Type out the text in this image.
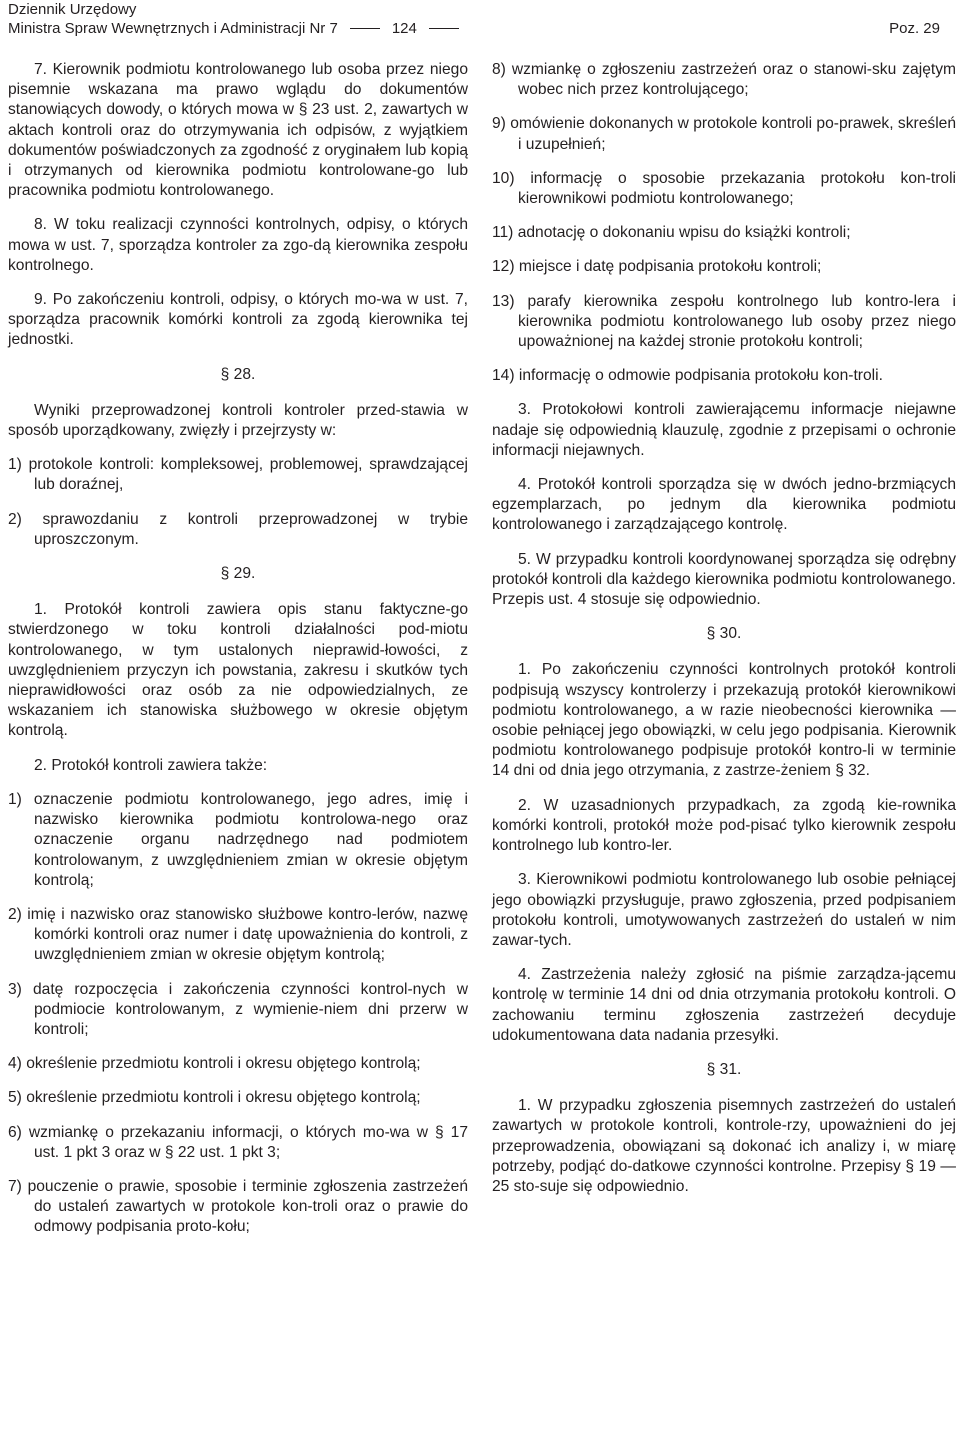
Dziennik Urzędowy
Ministra Spraw Wewnętrznych i Administracji Nr 7	124	Poz. 29

7. Kierownik podmiotu kontrolowanego lub osoba przez niego pisemnie wskazana ma prawo wglądu do dokumentów stanowiących dowody, o których mowa w § 23 ust. 2, zawartych w aktach kontroli oraz do otrzymywania ich odpisów, z wyjątkiem dokumentów poświadczonych za zgodność z oryginałem lub kopią i otrzymanych od kierownika podmiotu kontrolowane-go lub pracownika podmiotu kontrolowanego.

8. W toku realizacji czynności kontrolnych, odpisy, o których mowa w ust. 7, sporządza kontroler za zgo-dą kierownika zespołu kontrolnego.

9. Po zakończeniu kontroli, odpisy, o których mo-wa w ust. 7, sporządza pracownik komórki kontroli za zgodą kierownika tej jednostki.

§ 28.

Wyniki przeprowadzonej kontroli kontroler przed-stawia w sposób uporządkowany, zwięzły i przejrzysty w:

1) protokole kontroli: kompleksowej, problemowej, sprawdzającej lub doraźnej,

2) sprawozdaniu z kontroli przeprowadzonej w trybie uproszczonym.

§ 29.

1. Protokół kontroli zawiera opis stanu faktyczne-go stwierdzonego w toku kontroli działalności pod-miotu kontrolowanego, w tym ustalonych nieprawid-łowości, z uwzględnieniem przyczyn ich powstania, zakresu i skutków tych nieprawidłowości oraz osób za nie odpowiedzialnych, ze wskazaniem ich stanowiska służbowego w okresie objętym kontrolą.

2. Protokół kontroli zawiera także:

1) oznaczenie podmiotu kontrolowanego, jego adres, imię i nazwisko kierownika podmiotu kontrolowa-nego oraz oznaczenie organu nadrzędnego nad podmiotem kontrolowanym, z uwzględnieniem zmian w okresie objętym kontrolą;

2) imię i nazwisko oraz stanowisko służbowe kontro-lerów, nazwę komórki kontroli oraz numer i datę upoważnienia do kontroli, z uwzględnieniem zmian w okresie objętym kontrolą;

3) datę rozpoczęcia i zakończenia czynności kontrol-nych w podmiocie kontrolowanym, z wymienie-niem dni przerw w kontroli;

4) określenie przedmiotu kontroli i okresu objętego kontrolą;

5) określenie przedmiotu kontroli i okresu objętego kontrolą;

6) wzmiankę o przekazaniu informacji, o których mo-wa w § 17 ust. 1 pkt 3 oraz w § 22 ust. 1 pkt 3;

7) pouczenie o prawie, sposobie i terminie zgłoszenia zastrzeżeń do ustaleń zawartych w protokole kon-troli oraz o prawie do odmowy podpisania proto-kołu;

8) wzmiankę o zgłoszeniu zastrzeżeń oraz o stanowi-sku zajętym wobec nich przez kontrolującego;

9) omówienie dokonanych w protokole kontroli po-prawek, skreśleń i uzupełnień;

10) informację o sposobie przekazania protokołu kon-troli kierownikowi podmiotu kontrolowanego;

11) adnotację o dokonaniu wpisu do książki kontroli;

12) miejsce i datę podpisania protokołu kontroli;

13) parafy kierownika zespołu kontrolnego lub kontro-lera i kierownika podmiotu kontrolowanego lub osoby przez niego upoważnionej na każdej stronie protokołu kontroli;

14) informację o odmowie podpisania protokołu kon-troli.

3. Protokołowi kontroli zawierającemu informacje niejawne nadaje się odpowiednią klauzulę, zgodnie z przepisami o ochronie informacji niejawnych.

4. Protokół kontroli sporządza się w dwóch jedno-brzmiących egzemplarzach, po jednym dla kierownika podmiotu kontrolowanego i zarządzającego kontrolę.

5. W przypadku kontroli koordynowanej sporządza się odrębny protokół kontroli dla każdego kierownika podmiotu kontrolowanego. Przepis ust. 4 stosuje się odpowiednio.

§ 30.

1. Po zakończeniu czynności kontrolnych protokół kontroli podpisują wszyscy kontrolerzy i przekazują protokół kierownikowi podmiotu kontrolowanego, a w razie nieobecności kierownika — osobie pełniącej jego obowiązki, w celu jego podpisania. Kierownik podmiotu kontrolowanego podpisuje protokół kontro-li w terminie 14 dni od dnia jego otrzymania, z zastrze-żeniem § 32.

2. W uzasadnionych przypadkach, za zgodą kie-rownika komórki kontroli, protokół może pod-pisać tylko kierownik zespołu kontrolnego lub kontro-ler.

3. Kierownikowi podmiotu kontrolowanego lub osobie pełniącej jego obowiązki przysługuje, prawo zgłoszenia, przed podpisaniem protokołu kontroli, umotywowanych zastrzeżeń do ustaleń w nim zawar-tych.

4. Zastrzeżenia należy zgłosić na piśmie zarządza-jącemu kontrolę w terminie 14 dni od dnia otrzymania protokołu kontroli. O zachowaniu terminu zgłoszenia zastrzeżeń decyduje udokumentowana data nadania przesyłki.

§ 31.

1. W przypadku zgłoszenia pisemnych zastrzeżeń do ustaleń zawartych w protokole kontroli, kontrole-rzy, upoważnieni do jej przeprowadzenia, obowiązani są dokonać ich analizy i, w miarę potrzeby, podjąć do-datkowe czynności kontrolne. Przepisy § 19 — 25 sto-suje się odpowiednio.
